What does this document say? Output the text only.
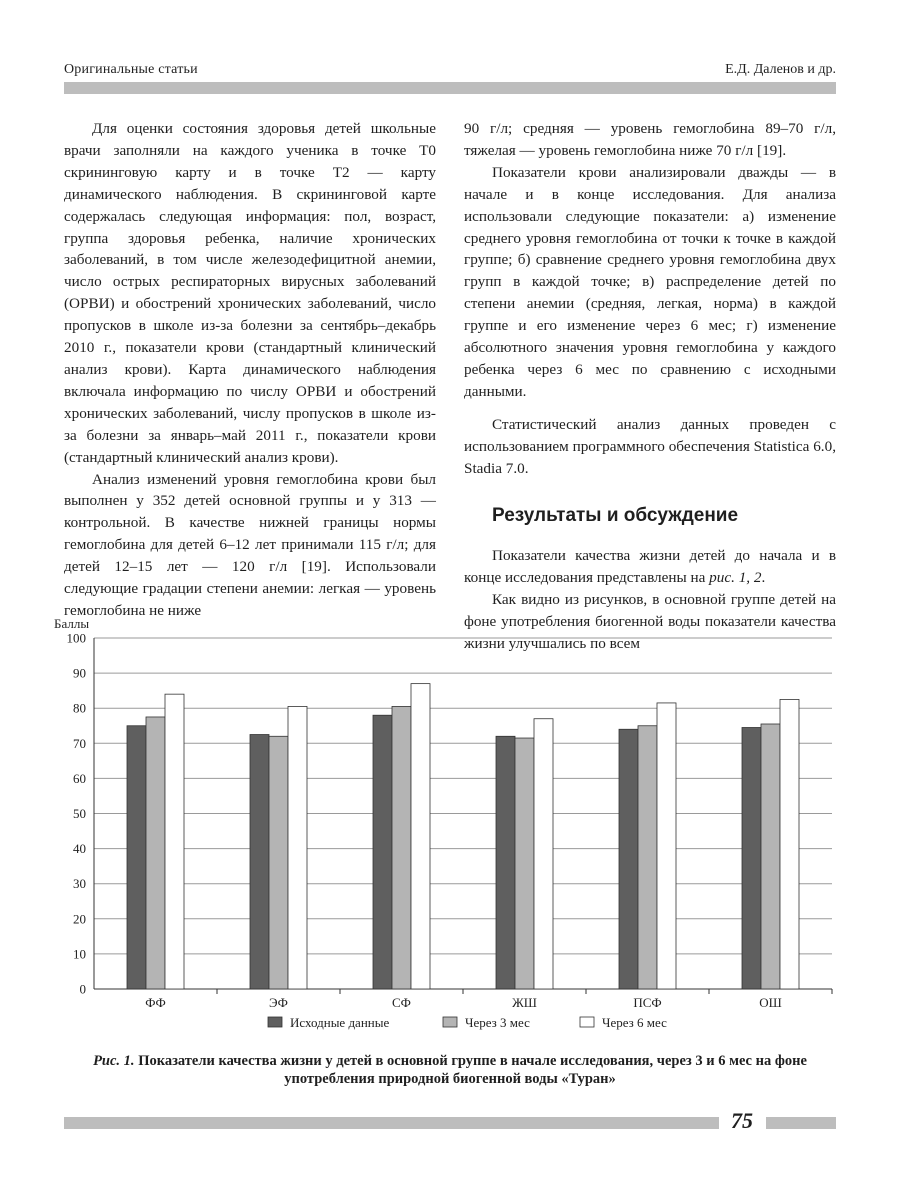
Оригинальные статьи	Е.Д. Даленов и др.

Для оценки состояния здоровья детей школьные врачи заполняли на каждого ученика в точке Т0 скрининговую карту и в точке Т2 — карту динамического наблюдения. В скрининговой карте содержалась следующая информация: пол, возраст, группа здоровья ребенка, наличие хронических заболеваний, в том числе железодефицитной анемии, число острых респираторных вирусных заболеваний (ОРВИ) и обострений хронических заболеваний, число пропусков в школе из-за болезни за сентябрь–декабрь 2010 г., показатели крови (стандартный клинический анализ крови). Карта динамического наблюдения включала информацию по числу ОРВИ и обострений хронических заболеваний, числу пропусков в школе из-за болезни за январь–май 2011 г., показатели крови (стандартный клинический анализ крови).

Анализ изменений уровня гемоглобина крови был выполнен у 352 детей основной группы и у 313 — контрольной. В качестве нижней границы нормы гемоглобина для детей 6–12 лет принимали 115 г/л; для детей 12–15 лет — 120 г/л [19]. Использовали следующие градации степени анемии: легкая — уровень гемоглобина не ниже

90 г/л; средняя — уровень гемоглобина 89–70 г/л, тяжелая — уровень гемоглобина ниже 70 г/л [19].

Показатели крови анализировали дважды — в начале и в конце исследования. Для анализа использовали следующие показатели: а) изменение среднего уровня гемоглобина от точки к точке в каждой группе; б) сравнение среднего уровня гемоглобина двух групп в каждой точке; в) распределение детей по степени анемии (средняя, легкая, норма) в каждой группе и его изменение через 6 мес; г) изменение абсолютного значения уровня гемоглобина у каждого ребенка через 6 мес по сравнению с исходными данными.

Статистический анализ данных проведен с использованием программного обеспечения Statistica 6.0, Stadia 7.0.

Результаты и обсуждение

Показатели качества жизни детей до начала и в конце исследования представлены на рис. 1, 2.

Как видно из рисунков, в основной группе детей на фоне употребления биогенной воды показатели качества жизни улучшались по всем

Баллы
0
10
20
30
40
50
60
70
80
90
100
ФФ	ЭФ	СФ	ЖШ	ПСФ	ОШ
Исходные данные	Через 3 мес	Через 6 мес
Рис. 1. Показатели качества жизни у детей в основной группе в начале исследования, через 3 и 6 мес на фоне употребления природной биогенной воды «Туран»
75
